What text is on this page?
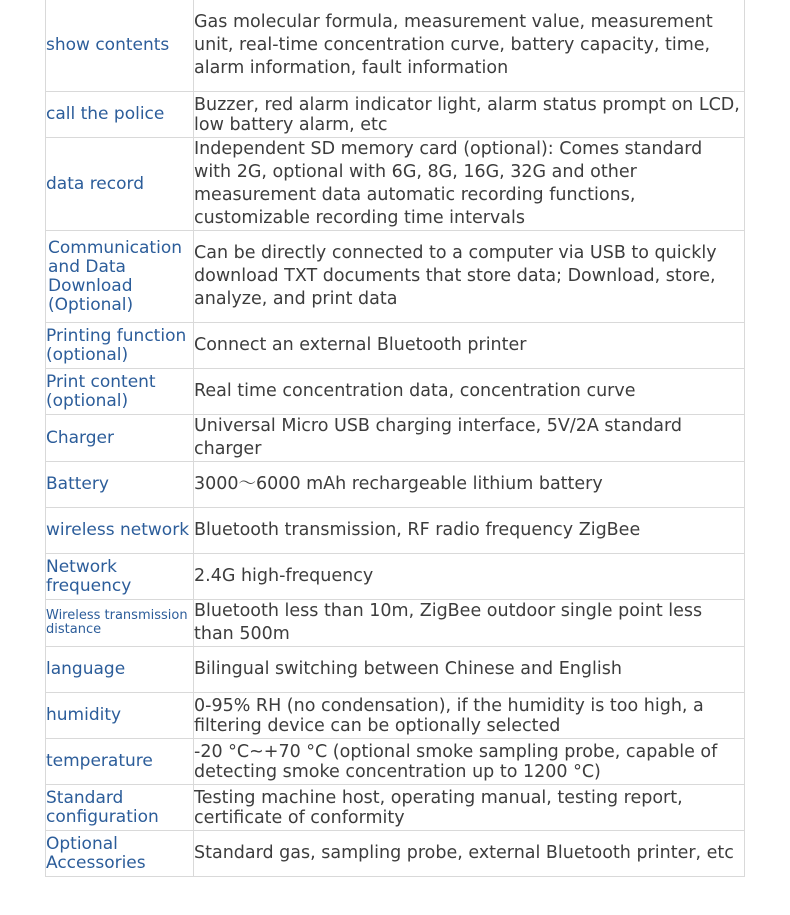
show contents	Gas molecular formula, measurement value, measurement unit, real-time concentration curve, battery capacity, time, alarm information, fault information
call the police	Buzzer, red alarm indicator light, alarm status prompt on LCD, low battery alarm, etc
data record	Independent SD memory card (optional): Comes standard with 2G, optional with 6G, 8G, 16G, 32G and other measurement data automatic recording functions, customizable recording time intervals
Communication and Data Download (Optional)	Can be directly connected to a computer via USB to quickly download TXT documents that store data; Download, store, analyze, and print data
Printing function (optional)	Connect an external Bluetooth printer
Print content (optional)	Real time concentration data, concentration curve
Charger	Universal Micro USB charging interface, 5V/2A standard charger
Battery	3000～6000 mAh rechargeable lithium battery
wireless network	Bluetooth transmission, RF radio frequency ZigBee
Network frequency	2.4G high-frequency
Wireless transmission distance	Bluetooth less than 10m, ZigBee outdoor single point less than 500m
language	Bilingual switching between Chinese and English
humidity	0-95% RH (no condensation), if the humidity is too high, a filtering device can be optionally selected
temperature	-20 °C~+70 °C (optional smoke sampling probe, capable of detecting smoke concentration up to 1200 °C)
Standard configuration	Testing machine host, operating manual, testing report, certificate of conformity
Optional Accessories	Standard gas, sampling probe, external Bluetooth printer, etc
